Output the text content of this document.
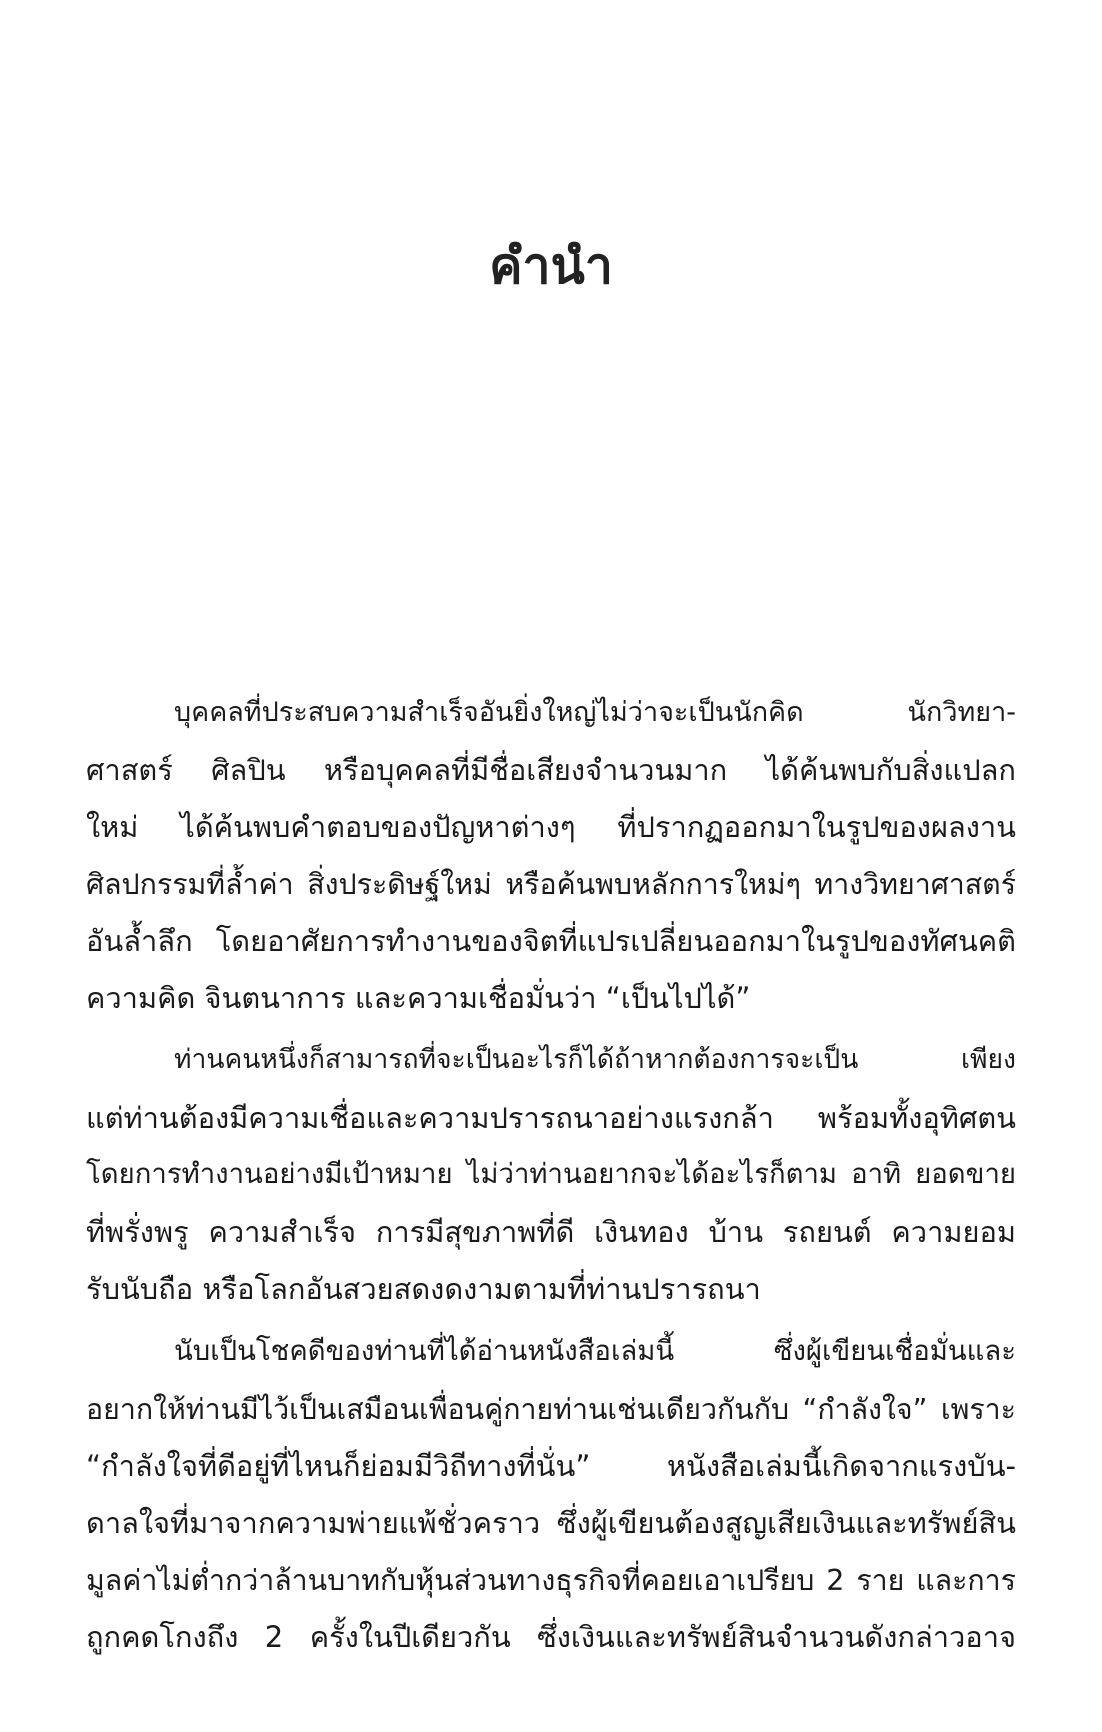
คำนำ
บุคคลที่ประสบความสำเร็จอันยิ่งใหญ่ไม่ว่าจะเป็นนักคิด นักวิทยา-
ศาสตร์ ศิลปิน หรือบุคคลที่มีชื่อเสียงจำนวนมาก ได้ค้นพบกับสิ่งแปลก
ใหม่ ได้ค้นพบคำตอบของปัญหาต่างๆ ที่ปรากฏออกมาในรูปของผลงาน
ศิลปกรรมที่ล้ำค่า สิ่งประดิษฐ์ใหม่ หรือค้นพบหลักการใหม่ๆ ทางวิทยาศาสตร์
อันล้ำลึก โดยอาศัยการทำงานของจิตที่แปรเปลี่ยนออกมาในรูปของทัศนคติ
ความคิด จินตนาการ และความเชื่อมั่นว่า “เป็นไปได้”
ท่านคนหนึ่งก็สามารถที่จะเป็นอะไรก็ได้ถ้าหากต้องการจะเป็น เพียง
แต่ท่านต้องมีความเชื่อและความปรารถนาอย่างแรงกล้า พร้อมทั้งอุทิศตน
โดยการทำงานอย่างมีเป้าหมาย ไม่ว่าท่านอยากจะได้อะไรก็ตาม อาทิ ยอดขาย
ที่พรั่งพรู ความสำเร็จ การมีสุขภาพที่ดี เงินทอง บ้าน รถยนต์ ความยอม
รับนับถือ หรือโลกอันสวยสดงดงามตามที่ท่านปรารถนา
นับเป็นโชคดีของท่านที่ได้อ่านหนังสือเล่มนี้ ซึ่งผู้เขียนเชื่อมั่นและ
อยากให้ท่านมีไว้เป็นเสมือนเพื่อนคู่กายท่านเช่นเดียวกันกับ “กำลังใจ” เพราะ
“กำลังใจที่ดีอยู่ที่ไหนก็ย่อมมีวิถีทางที่นั่น” หนังสือเล่มนี้เกิดจากแรงบัน-
ดาลใจที่มาจากความพ่ายแพ้ชั่วคราว ซึ่งผู้เขียนต้องสูญเสียเงินและทรัพย์สิน
มูลค่าไม่ต่ำกว่าล้านบาทกับหุ้นส่วนทางธุรกิจที่คอยเอาเปรียบ 2 ราย และการ
ถูกคดโกงถึง 2 ครั้งในปีเดียวกัน ซึ่งเงินและทรัพย์สินจำนวนดังกล่าวอาจ
